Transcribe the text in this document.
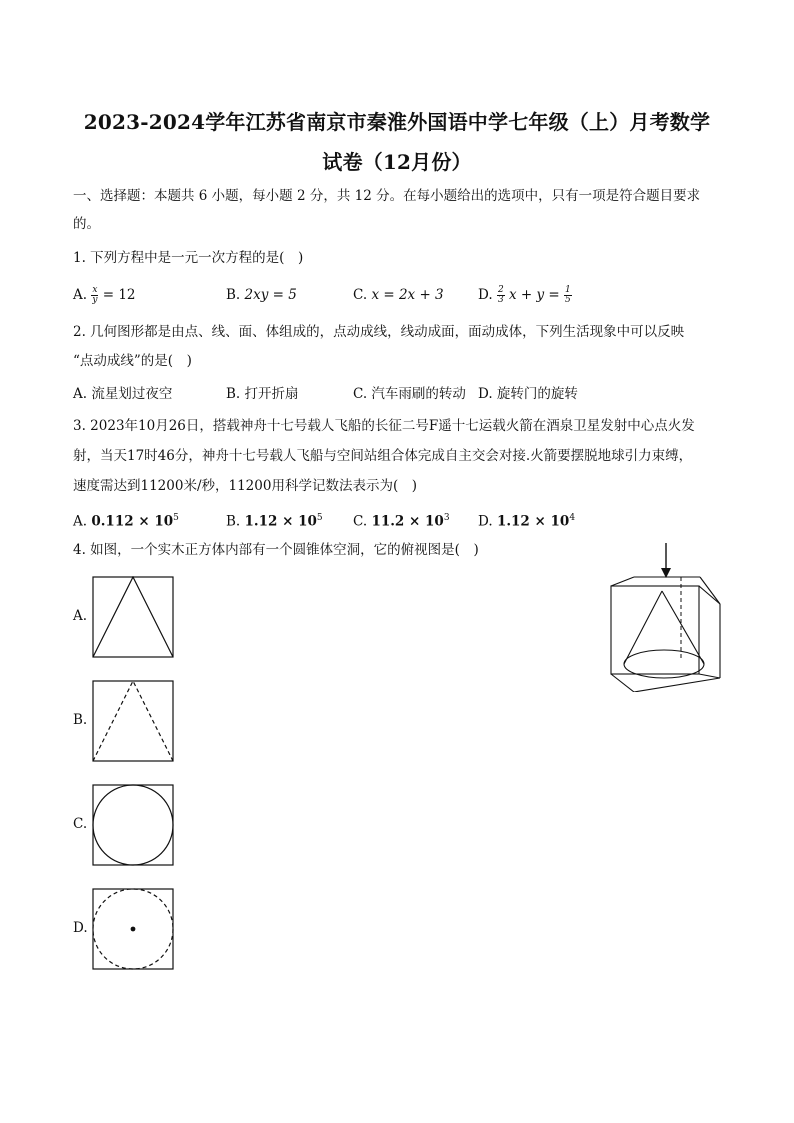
2023-2024学年江苏省南京市秦淮外国语中学七年级（上）月考数学
试卷（12月份）
一、选择题：本题共 6 小题，每小题 2 分，共 12 分。在每小题给出的选项中，只有一项是符合题目要求
的。
1. 下列方程中是一元一次方程的是(　)
A. $\frac{x}{y} = 12$	B. 2xy = 5	C. x = 2x + 3	D. $\frac{2}{3}$ $x + y = \frac{1}{5}$
2. 几何图形都是由点、线、面、体组成的，点动成线，线动成面，面动成体，下列生活现象中可以反映
“点动成线”的是(　)
A. 流星划过夜空	B. 打开折扇	C. 汽车雨刷的转动 D. 旋转门的旋转
3. 2023年10月26日，搭载神舟十七号载人飞船的长征二号F遥十七运载火箭在酒泉卫星发射中心点火发
射，当天17时46分，神舟十七号载人飞船与空间站组合体完成自主交会对接.火箭要摆脱地球引力束缚，
速度需达到11200米/秒，11200用科学记数法表示为(　)
A. $0.112 \times 10^5$	B. $1.12 \times 10^5$ C. $11.2 \times 10^3$ D. $1.12 \times 10^4$
4. 如图，一个实木正方体内部有一个圆锥体空洞，它的俯视图是(　)
A.
B.
C.
D.
